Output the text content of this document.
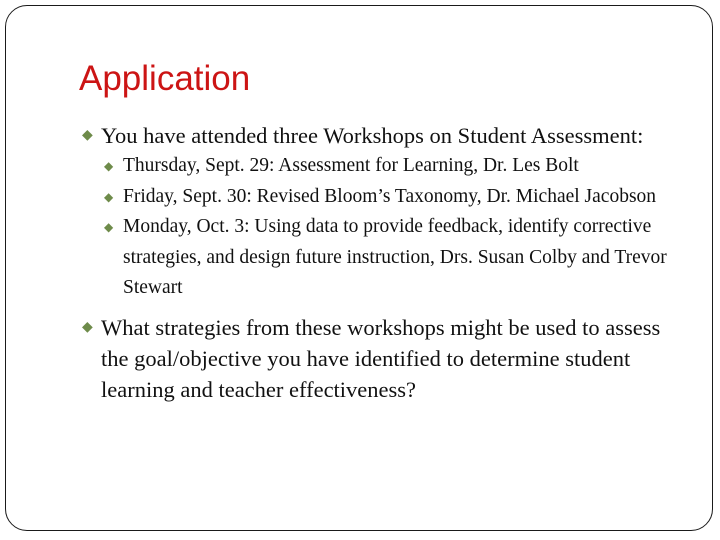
Application

◆ You have attended three Workshops on Student Assessment:

◆ Thursday, Sept. 29: Assessment for Learning, Dr. Les Bolt

◆ Friday, Sept. 30: Revised Bloom’s Taxonomy, Dr. Michael Jacobson

◆ Monday, Oct. 3: Using data to provide feedback, identify corrective strategies, and design future instruction, Drs. Susan Colby and Trevor Stewart

◆ What strategies from these workshops might be used to assess the goal/objective you have identified to determine student learning and teacher effectiveness?
